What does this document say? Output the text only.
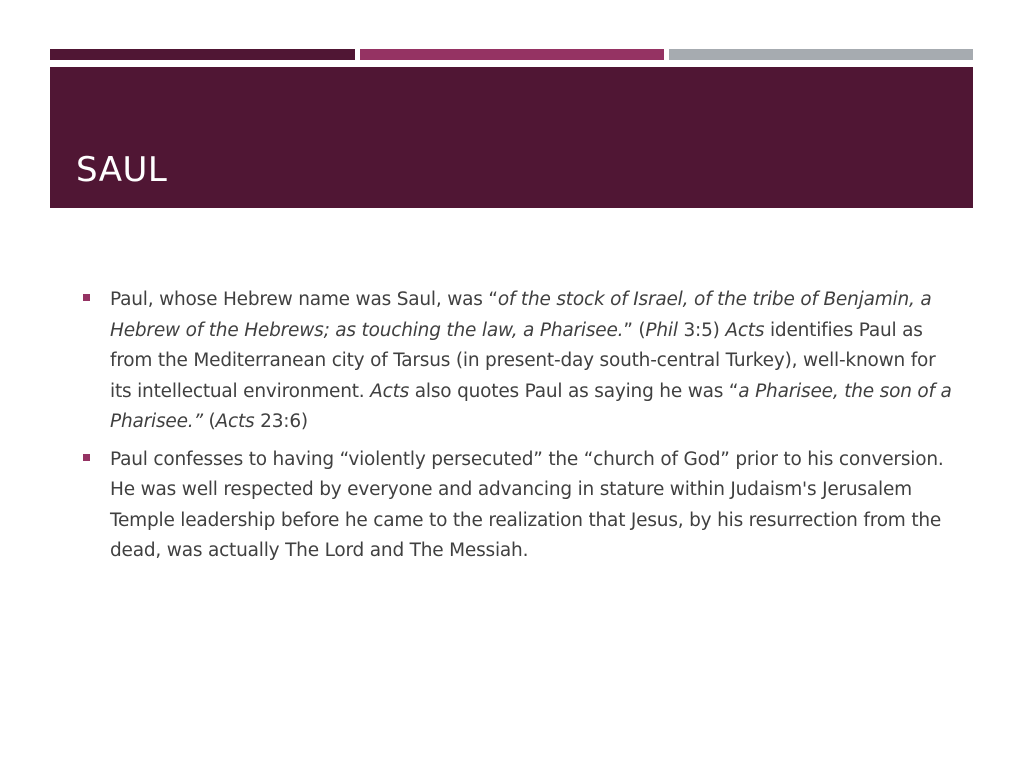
SAUL
Paul, whose Hebrew name was Saul, was “of the stock of Israel, of the tribe of Benjamin, a Hebrew of the Hebrews; as touching the law, a Pharisee.” (Phil 3:5) Acts identifies Paul as from the Mediterranean city of Tarsus (in present-day south-central Turkey), well-known for its intellectual environment. Acts also quotes Paul as saying he was “a Pharisee, the son of a Pharisee.” (Acts 23:6)
Paul confesses to having “violently persecuted” the “church of God” prior to his conversion. He was well respected by everyone and advancing in stature within Judaism's Jerusalem Temple leadership before he came to the realization that Jesus, by his resurrection from the dead, was actually The Lord and The Messiah.
